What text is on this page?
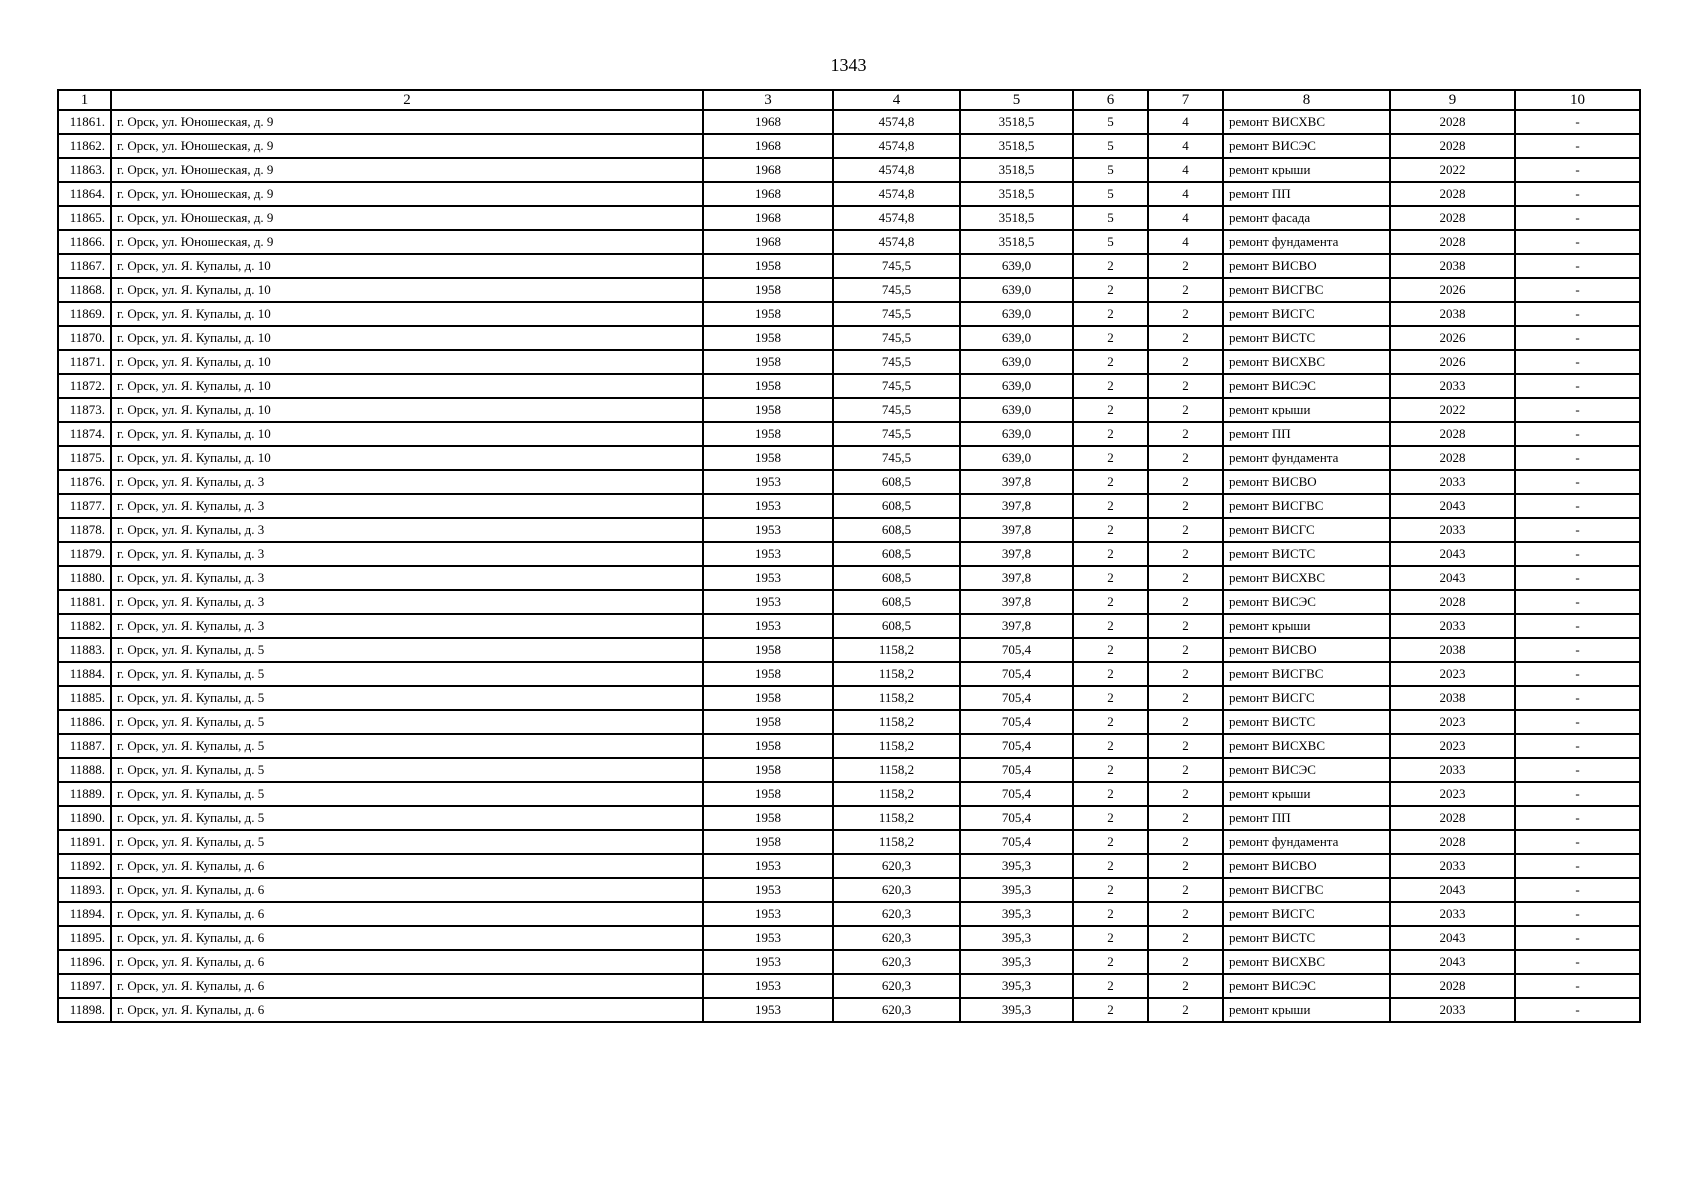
1343
1	2	3	4	5	6	7	8	9	10
11861.	г. Орск, ул. Юношеская, д. 9	1968	4574,8	3518,5	5	4	ремонт ВИСХВС	2028	-
11862.	г. Орск, ул. Юношеская, д. 9	1968	4574,8	3518,5	5	4	ремонт ВИСЭС	2028	-
11863.	г. Орск, ул. Юношеская, д. 9	1968	4574,8	3518,5	5	4	ремонт крыши	2022	-
11864.	г. Орск, ул. Юношеская, д. 9	1968	4574,8	3518,5	5	4	ремонт ПП	2028	-
11865.	г. Орск, ул. Юношеская, д. 9	1968	4574,8	3518,5	5	4	ремонт фасада	2028	-
11866.	г. Орск, ул. Юношеская, д. 9	1968	4574,8	3518,5	5	4	ремонт фундамента	2028	-
11867.	г. Орск, ул. Я. Купалы, д. 10	1958	745,5	639,0	2	2	ремонт ВИСВО	2038	-
11868.	г. Орск, ул. Я. Купалы, д. 10	1958	745,5	639,0	2	2	ремонт ВИСГВС	2026	-
11869.	г. Орск, ул. Я. Купалы, д. 10	1958	745,5	639,0	2	2	ремонт ВИСГС	2038	-
11870.	г. Орск, ул. Я. Купалы, д. 10	1958	745,5	639,0	2	2	ремонт ВИСТС	2026	-
11871.	г. Орск, ул. Я. Купалы, д. 10	1958	745,5	639,0	2	2	ремонт ВИСХВС	2026	-
11872.	г. Орск, ул. Я. Купалы, д. 10	1958	745,5	639,0	2	2	ремонт ВИСЭС	2033	-
11873.	г. Орск, ул. Я. Купалы, д. 10	1958	745,5	639,0	2	2	ремонт крыши	2022	-
11874.	г. Орск, ул. Я. Купалы, д. 10	1958	745,5	639,0	2	2	ремонт ПП	2028	-
11875.	г. Орск, ул. Я. Купалы, д. 10	1958	745,5	639,0	2	2	ремонт фундамента	2028	-
11876.	г. Орск, ул. Я. Купалы, д. 3	1953	608,5	397,8	2	2	ремонт ВИСВО	2033	-
11877.	г. Орск, ул. Я. Купалы, д. 3	1953	608,5	397,8	2	2	ремонт ВИСГВС	2043	-
11878.	г. Орск, ул. Я. Купалы, д. 3	1953	608,5	397,8	2	2	ремонт ВИСГС	2033	-
11879.	г. Орск, ул. Я. Купалы, д. 3	1953	608,5	397,8	2	2	ремонт ВИСТС	2043	-
11880.	г. Орск, ул. Я. Купалы, д. 3	1953	608,5	397,8	2	2	ремонт ВИСХВС	2043	-
11881.	г. Орск, ул. Я. Купалы, д. 3	1953	608,5	397,8	2	2	ремонт ВИСЭС	2028	-
11882.	г. Орск, ул. Я. Купалы, д. 3	1953	608,5	397,8	2	2	ремонт крыши	2033	-
11883.	г. Орск, ул. Я. Купалы, д. 5	1958	1158,2	705,4	2	2	ремонт ВИСВО	2038	-
11884.	г. Орск, ул. Я. Купалы, д. 5	1958	1158,2	705,4	2	2	ремонт ВИСГВС	2023	-
11885.	г. Орск, ул. Я. Купалы, д. 5	1958	1158,2	705,4	2	2	ремонт ВИСГС	2038	-
11886.	г. Орск, ул. Я. Купалы, д. 5	1958	1158,2	705,4	2	2	ремонт ВИСТС	2023	-
11887.	г. Орск, ул. Я. Купалы, д. 5	1958	1158,2	705,4	2	2	ремонт ВИСХВС	2023	-
11888.	г. Орск, ул. Я. Купалы, д. 5	1958	1158,2	705,4	2	2	ремонт ВИСЭС	2033	-
11889.	г. Орск, ул. Я. Купалы, д. 5	1958	1158,2	705,4	2	2	ремонт крыши	2023	-
11890.	г. Орск, ул. Я. Купалы, д. 5	1958	1158,2	705,4	2	2	ремонт ПП	2028	-
11891.	г. Орск, ул. Я. Купалы, д. 5	1958	1158,2	705,4	2	2	ремонт фундамента	2028	-
11892.	г. Орск, ул. Я. Купалы, д. 6	1953	620,3	395,3	2	2	ремонт ВИСВО	2033	-
11893.	г. Орск, ул. Я. Купалы, д. 6	1953	620,3	395,3	2	2	ремонт ВИСГВС	2043	-
11894.	г. Орск, ул. Я. Купалы, д. 6	1953	620,3	395,3	2	2	ремонт ВИСГС	2033	-
11895.	г. Орск, ул. Я. Купалы, д. 6	1953	620,3	395,3	2	2	ремонт ВИСТС	2043	-
11896.	г. Орск, ул. Я. Купалы, д. 6	1953	620,3	395,3	2	2	ремонт ВИСХВС	2043	-
11897.	г. Орск, ул. Я. Купалы, д. 6	1953	620,3	395,3	2	2	ремонт ВИСЭС	2028	-
11898.	г. Орск, ул. Я. Купалы, д. 6	1953	620,3	395,3	2	2	ремонт крыши	2033	-
